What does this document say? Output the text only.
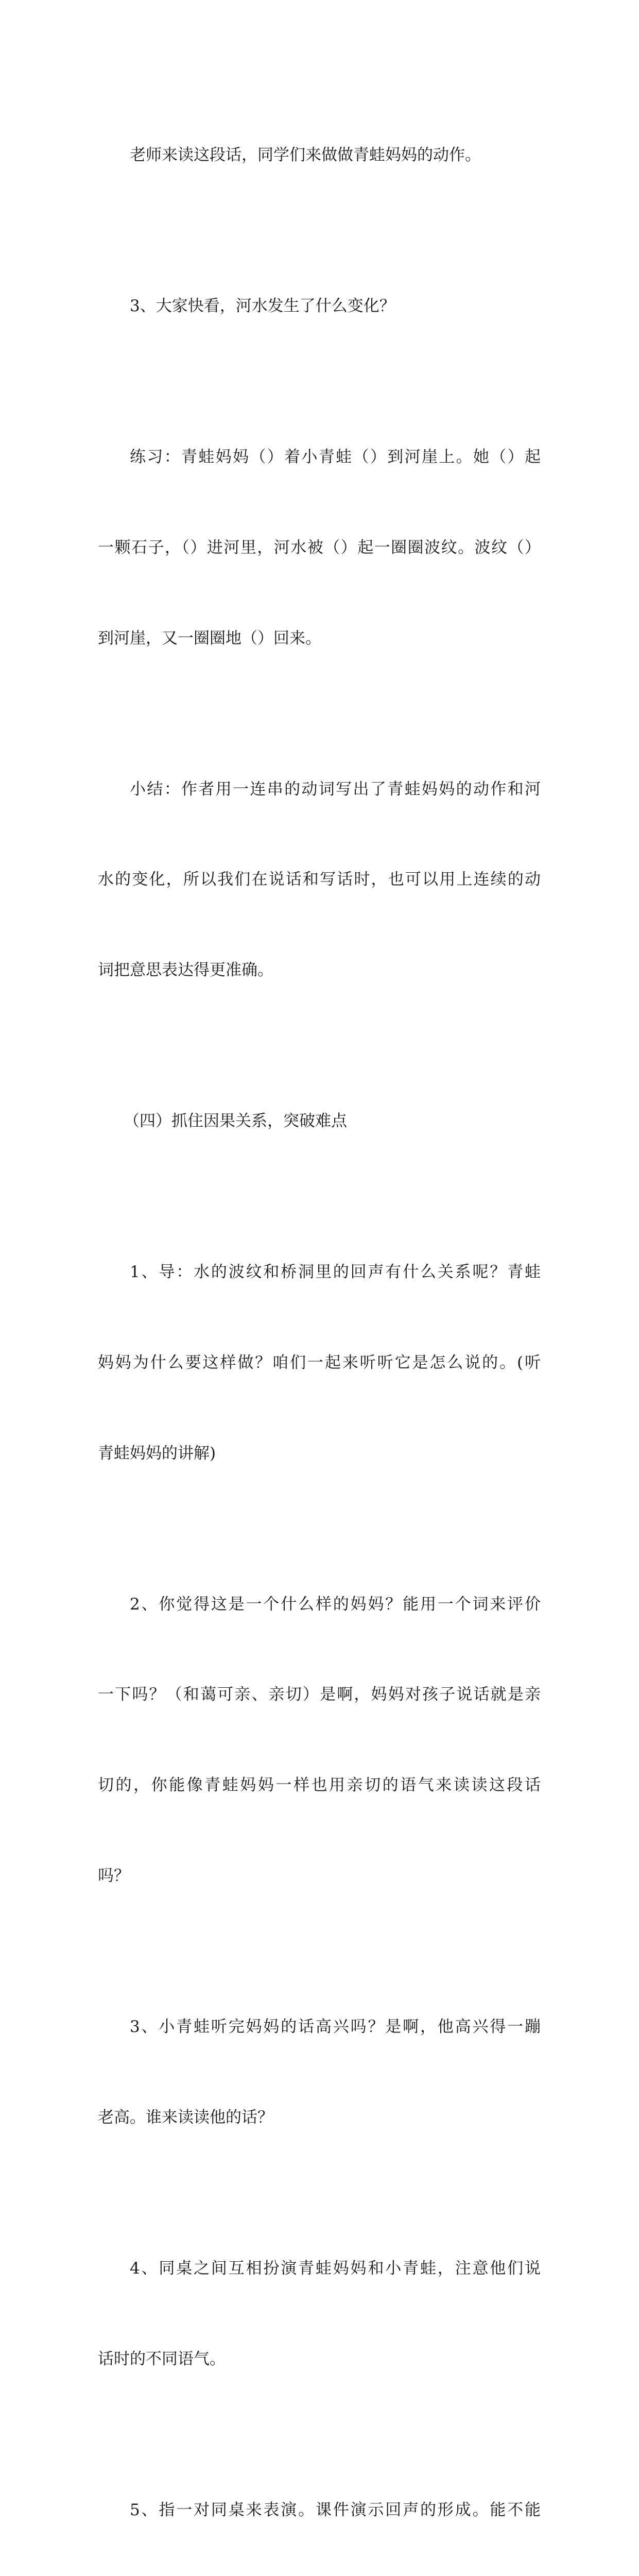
老师来读这段话，同学们来做做青蛙妈妈的动作。

3、大家快看，河水发生了什么变化？

练习：青蛙妈妈（）着小青蛙（）到河崖上。她（）起

一颗石子，（）进河里，河水被（）起一圈圈波纹。波纹（）

到河崖，又一圈圈地（）回来。

小结：作者用一连串的动词写出了青蛙妈妈的动作和河

水的变化，所以我们在说话和写话时，也可以用上连续的动

词把意思表达得更准确。

（四）抓住因果关系，突破难点

1、导：水的波纹和桥洞里的回声有什么关系呢？青蛙

妈妈为什么要这样做？咱们一起来听听它是怎么说的。(听

青蛙妈妈的讲解)

2、你觉得这是一个什么样的妈妈？能用一个词来评价

一下吗？（和蔼可亲、亲切）是啊，妈妈对孩子说话就是亲

切的，你能像青蛙妈妈一样也用亲切的语气来读读这段话

吗？

3、小青蛙听完妈妈的话高兴吗？是啊，他高兴得一蹦

老高。谁来读读他的话？

4、同桌之间互相扮演青蛙妈妈和小青蛙，注意他们说

话时的不同语气。

5、指一对同桌来表演。课件演示回声的形成。能不能
